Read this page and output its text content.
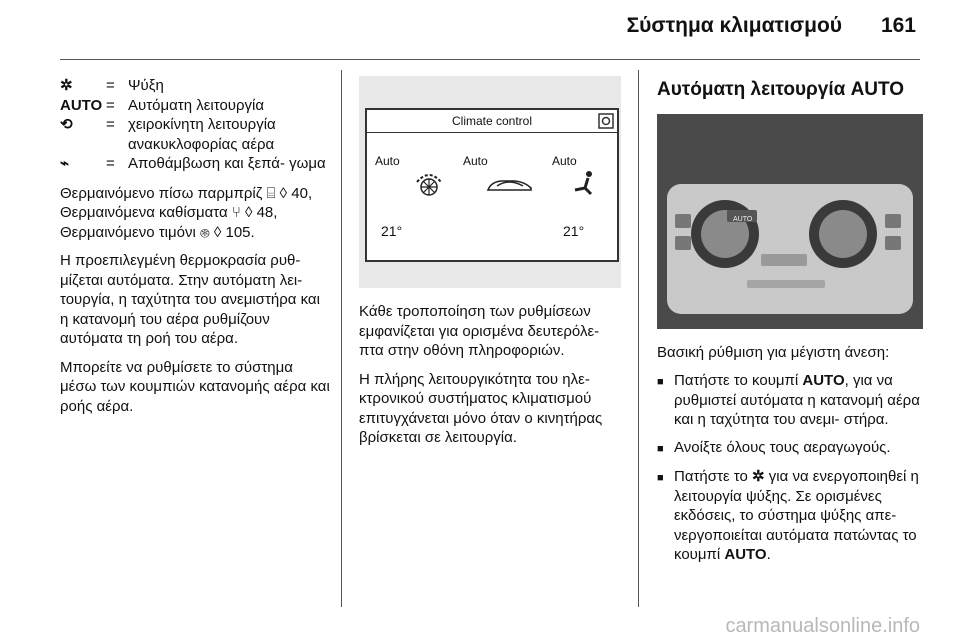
Σύστημα κλιματισμού 161
✲	= Ψύξη
AUTO = Αυτόματη λειτουργία
⟲	= χειροκίνητη λειτουργία ανακυκλοφορίας αέρα
⌁	= Αποθάμβωση και ξεπά- γωμα

Θερμαινόμενο πίσω παρμπρίζ ⌸ ◊ 40, Θερμαινόμενα καθίσματα ⑂ ◊ 48, Θερμαινόμενο τιμόνι ⊛ ◊ 105.

Η προεπιλεγμένη θερμοκρασία ρυθ- μίζεται αυτόματα. Στην αυτόματη λει- τουργία, η ταχύτητα του ανεμιστήρα και η κατανομή του αέρα ρυθμίζουν αυτόματα τη ροή του αέρα.

Μπορείτε να ρυθμίσετε το σύστημα μέσω των κουμπιών κατανομής αέρα και ροής αέρα.

Climate control
Auto	Auto	Auto
21°	21°

Κάθε τροποποίηση των ρυθμίσεων εμφανίζεται για ορισμένα δευτερόλε- πτα στην οθόνη πληροφοριών.

Η πλήρης λειτουργικότητα του ηλε- κτρονικού συστήματος κλιματισμού επιτυγχάνεται μόνο όταν ο κινητήρας βρίσκεται σε λειτουργία.

Αυτόματη λειτουργία AUTO
AUTO

Βασική ρύθμιση για μέγιστη άνεση:

■ Πατήστε το κουμπί AUTO, για να ρυθμιστεί αυτόματα η κατανομή αέρα και η ταχύτητα του ανεμι- στήρα.
■ Ανοίξτε όλους τους αεραγωγούς.
■ Πατήστε το ✲ για να ενεργοποιηθεί η λειτουργία ψύξης. Σε ορισμένες εκδόσεις, το σύστημα ψύξης απε- νεργοποιείται αυτόματα πατώντας το κουμπί AUTO.
carmanualsonline.info
